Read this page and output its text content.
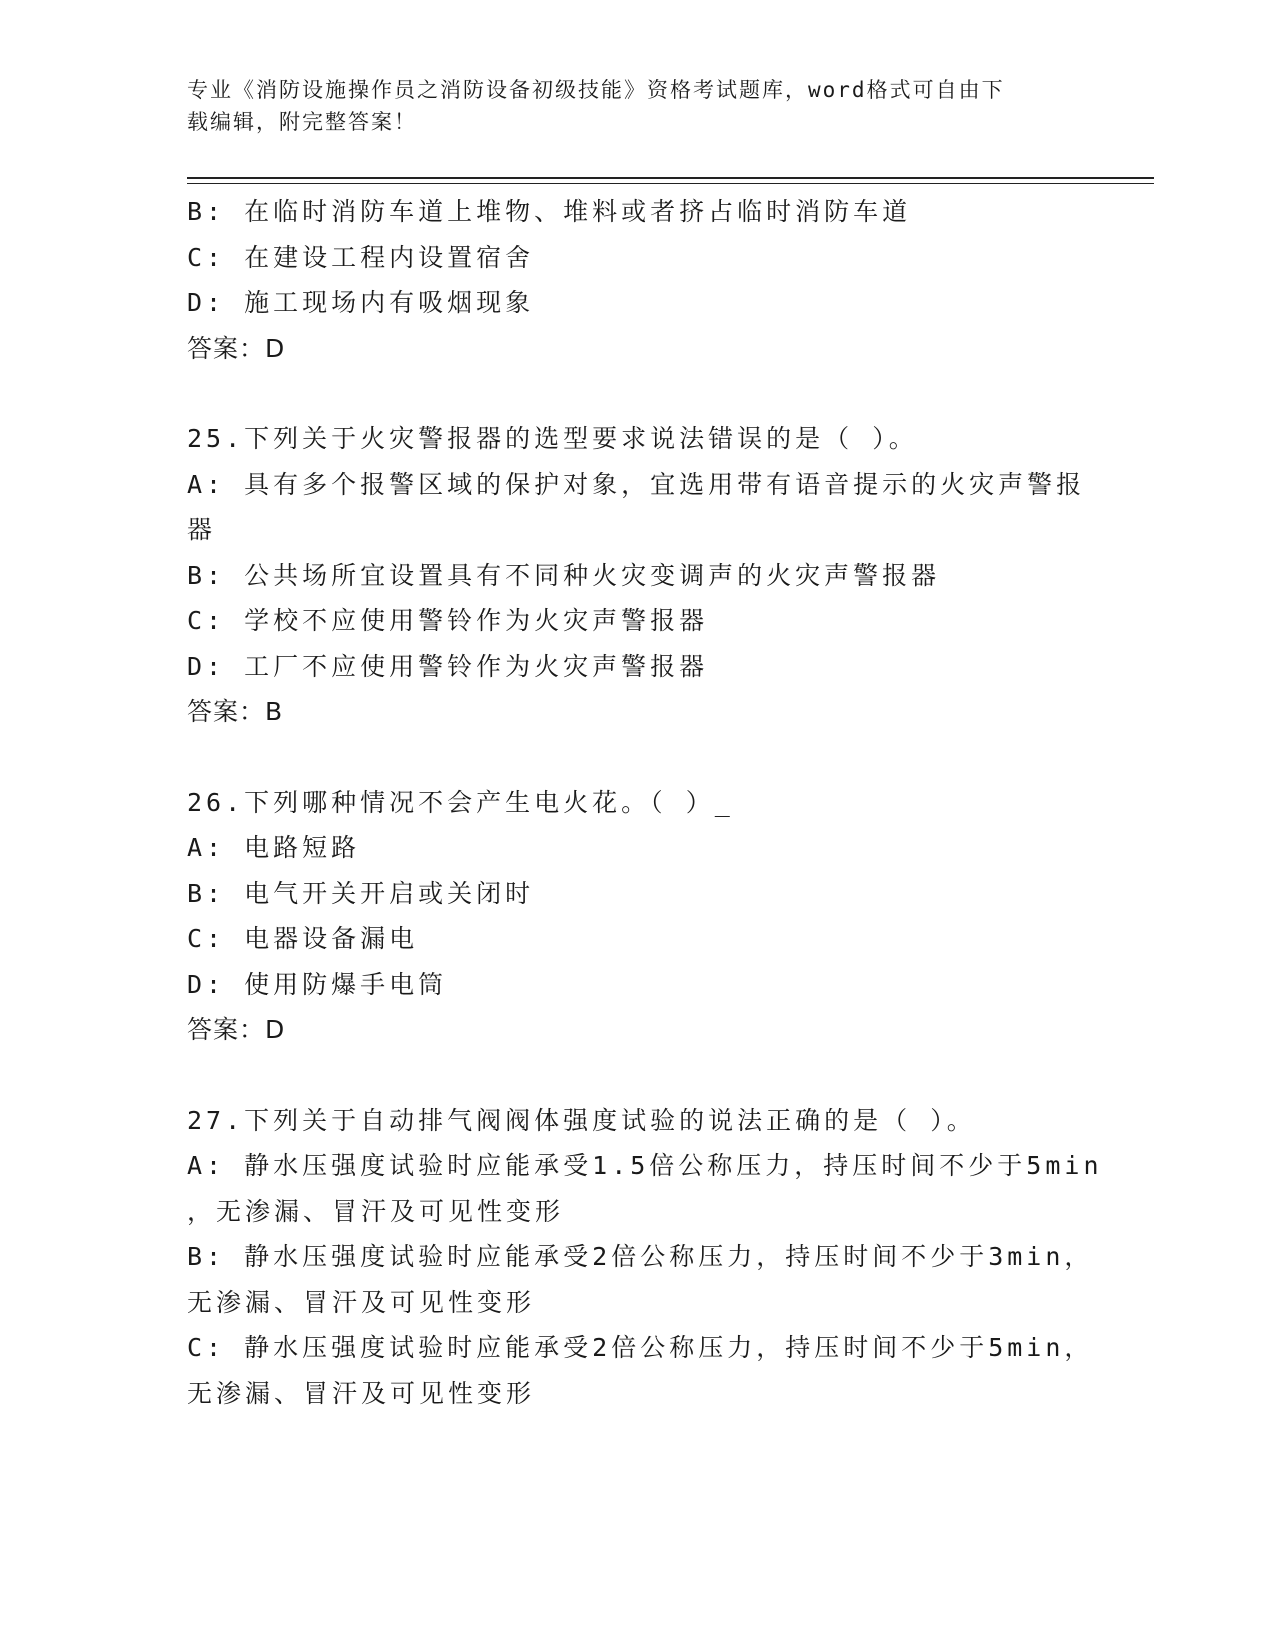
专业《消防设施操作员之消防设备初级技能》资格考试题库，word格式可自由下
载编辑，附完整答案！
B: 在临时消防车道上堆物、堆料或者挤占临时消防车道
C: 在建设工程内设置宿舍
D: 施工现场内有吸烟现象
答案：D
25.下列关于火灾警报器的选型要求说法错误的是（ ）。
A: 具有多个报警区域的保护对象，宜选用带有语音提示的火灾声警报
器
B: 公共场所宜设置具有不同种火灾变调声的火灾声警报器
C: 学校不应使用警铃作为火灾声警报器
D: 工厂不应使用警铃作为火灾声警报器
答案：B
26.下列哪种情况不会产生电火花。（ ）_
A: 电路短路
B: 电气开关开启或关闭时
C: 电器设备漏电
D: 使用防爆手电筒
答案：D
27.下列关于自动排气阀阀体强度试验的说法正确的是（ ）。
A: 静水压强度试验时应能承受1.5倍公称压力，持压时间不少于5min
，无渗漏、冒汗及可见性变形
B: 静水压强度试验时应能承受2倍公称压力，持压时间不少于3min，
无渗漏、冒汗及可见性变形
C: 静水压强度试验时应能承受2倍公称压力，持压时间不少于5min，
无渗漏、冒汗及可见性变形
